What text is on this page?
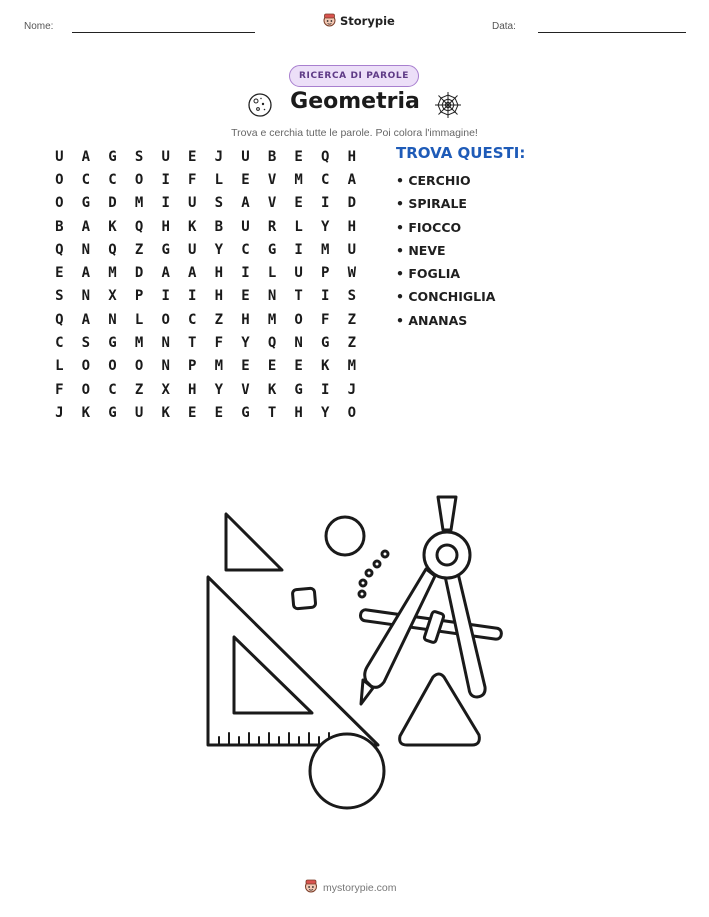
Nome:	Storypie	Data:
RICERCA DI PAROLE
Geometria
Trova e cerchia tutte le parole. Poi colora l'immagine!
U	A	G	S	U	E	J	U	B	E	Q	H
O	C	C	O	I	F	L	E	V	M	C	A
O	G	D	M	I	U	S	A	V	E	I	D
B	A	K	Q	H	K	B	U	R	L	Y	H
Q	N	Q	Z	G	U	Y	C	G	I	M	U
E	A	M	D	A	A	H	I	L	U	P	W
S	N	X	P	I	I	H	E	N	T	I	S
Q	A	N	L	O	C	Z	H	M	O	F	Z
C	S	G	M	N	T	F	Y	Q	N	G	Z
L	O	O	O	N	P	M	E	E	E	K	M
F	O	C	Z	X	H	Y	V	K	G	I	J
J	K	G	U	K	E	E	G	T	H	Y	O
TROVA QUESTI:
• CERCHIO
• SPIRALE
• FIOCCO
• NEVE
• FOGLIA
• CONCHIGLIA
• ANANAS
mystorypie.com
